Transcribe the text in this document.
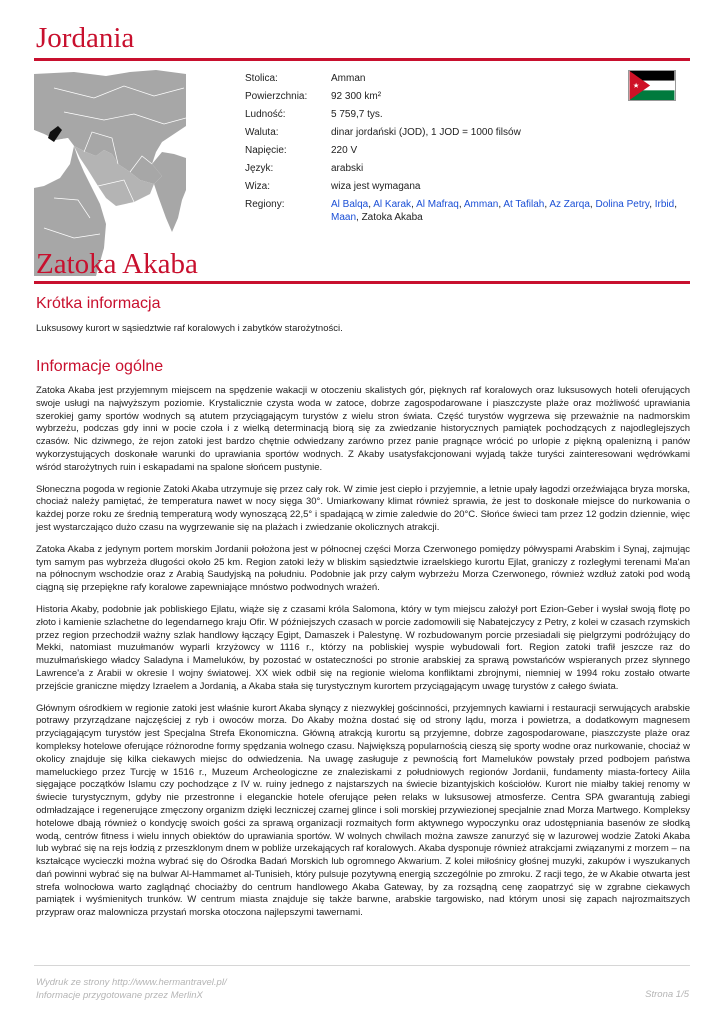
Jordania
Stolica:	Amman
Powierzchnia:	92 300 km²
Ludność:	5 759,7 tys.
Waluta:	dinar jordański (JOD), 1 JOD = 1000 filsów
Napięcie:	220 V
Język:	arabski
Wiza:	wiza jest wymagana
Regiony:	Al Balqa, Al Karak, Al Mafraq, Amman, At Tafilah, Az Zarqa, Dolina Petry, Irbid, Maan, Zatoka Akaba
Zatoka Akaba
Krótka informacja
Luksusowy kurort w sąsiedztwie raf koralowych i zabytków starożytności.
Informacje ogólne

Zatoka Akaba jest przyjemnym miejscem na spędzenie wakacji w otoczeniu skalistych gór, pięknych raf koralowych oraz luksusowych hoteli oferujących swoje usługi na najwyższym poziomie. Krystalicznie czysta woda w zatoce, dobrze zagospodarowane i piaszczyste plaże oraz możliwość uprawiania szerokiej gamy sportów wodnych są atutem przyciągającym turystów z wielu stron świata. Część turystów wygrzewa się przeważnie na nadmorskim wybrzeżu, podczas gdy inni w pocie czoła i z wielką determinacją biorą się za zwiedzanie historycznych pamiątek pochodzących z najodleglejszych czasów. Nic dziwnego, że rejon zatoki jest bardzo chętnie odwiedzany zarówno przez panie pragnące wrócić po urlopie z piękną opalenizną i panów wykorzystujących doskonałe warunki do uprawiania sportów wodnych. Z Akaby usatysfakcjonowani wyjadą także turyści zainteresowani wędrówkami wśród starożytnych ruin i eskapadami na spalone słońcem pustynie.

Słoneczna pogoda w regionie Zatoki Akaba utrzymuje się przez cały rok. W zimie jest ciepło i przyjemnie, a letnie upały łagodzi orzeźwiająca bryza morska, chociaż należy pamiętać, że temperatura nawet w nocy sięga 30°. Umiarkowany klimat również sprawia, że jest to doskonałe miejsce do nurkowania o każdej porze roku ze średnią temperaturą wody wynoszącą 22,5° i spadającą w zimie zaledwie do 20°C. Słońce świeci tam przez 12 godzin dziennie, więc jest wystarczająco dużo czasu na wygrzewanie się na plażach i zwiedzanie okolicznych atrakcji.

Zatoka Akaba z jedynym portem morskim Jordanii położona jest w północnej części Morza Czerwonego pomiędzy półwyspami Arabskim i Synaj, zajmując tym samym pas wybrzeża długości około 25 km. Region zatoki leży w bliskim sąsiedztwie izraelskiego kurortu Ejlat, graniczy z rozległymi terenami Ma'an na północnym wschodzie oraz z Arabią Saudyjską na południu. Podobnie jak przy całym wybrzeżu Morza Czerwonego, również wzdłuż zatoki pod wodą ciągną się przepiękne rafy koralowe zapewniające mnóstwo podwodnych wrażeń.

Historia Akaby, podobnie jak pobliskiego Ejlatu, wiąże się z czasami króla Salomona, który w tym miejscu założył port Ezion-Geber i wysłał swoją flotę po złoto i kamienie szlachetne do legendarnego kraju Ofir. W późniejszych czasach w porcie zadomowili się Nabatejczycy z Petry, z kolei w czasach rzymskich przez region przechodził ważny szlak handlowy łączący Egipt, Damaszek i Palestynę. W rozbudowanym porcie przesiadali się pielgrzymi podróżujący do Mekki, natomiast muzułmanów wyparli krzyżowcy w 1116 r., którzy na pobliskiej wyspie wybudowali fort. Region zatoki trafił jeszcze raz do muzułmańskiego władcy Saladyna i Mameluków, by pozostać w ostateczności po stronie arabskiej za sprawą powstańców wspieranych przez słynnego Lawrence'a z Arabii w okresie I wojny światowej. XX wiek odbił się na regionie wieloma konfliktami zbrojnymi, niemniej w 1994 roku zostało otwarte przejście graniczne między Izraelem a Jordanią, a Akaba stała się turystycznym kurortem przyciągającym uwagę turystów z całego świata.

Głównym ośrodkiem w regionie zatoki jest właśnie kurort Akaba słynący z niezwykłej gościnności, przyjemnych kawiarni i restauracji serwujących arabskie potrawy przyrządzane najczęściej z ryb i owoców morza. Do Akaby można dostać się od strony lądu, morza i powietrza, a dodatkowym magnesem przyciągającym turystów jest Specjalna Strefa Ekonomiczna. Główną atrakcją kurortu są przyjemne, dobrze zagospodarowane, piaszczyste plaże oraz kompleksy hotelowe oferujące różnorodne formy spędzania wolnego czasu. Największą popularnością cieszą się sporty wodne oraz nurkowanie, chociaż w okolicy znajduje się kilka ciekawych miejsc do odwiedzenia. Na uwagę zasługuje z pewnością fort Mameluków powstały przed podbojem państwa mameluckiego przez Turcję w 1516 r., Muzeum Archeologiczne ze znaleziskami z południowych regionów Jordanii, fundamenty miasta-fortecy Aiila sięgające początków Islamu czy pochodzące z IV w. ruiny jednego z najstarszych na świecie bizantyjskich kościołów. Kurort nie miałby takiej renomy w świecie turystycznym, gdyby nie przestronne i eleganckie hotele oferujące pełen relaks w luksusowej atmosferze. Centra SPA gwarantują zabiegi odmładzające i regenerujące zmęczony organizm dzięki leczniczej czarnej glince i soli morskiej przywiezionej specjalnie znad Morza Martwego. Kompleksy hotelowe dbają również o kondycję swoich gości za sprawą organizacji rozmaitych form aktywnego wypoczynku oraz udostępniania basenów ze słodką wodą, centrów fitness i wielu innych obiektów do uprawiania sportów. W wolnych chwilach można zawsze zanurzyć się w lazurowej wodzie Zatoki Akaba lub wybrać się na rejs łodzią z przeszklonym dnem w pobliże urzekających raf koralowych. Akaba dysponuje również atrakcjami związanymi z morzem – na kształcące wycieczki można wybrać się do Ośrodka Badań Morskich lub ogromnego Akwarium. Z kolei miłośnicy głośnej muzyki, zakupów i wyszukanych dań powinni wybrać się na bulwar Al-Hammamet al-Tunisieh, który pulsuje pozytywną energią szczególnie po zmroku. Z racji tego, że w Akabie otwarta jest strefa wolnocłowa warto zaglądnąć chociażby do centrum handlowego Akaba Gateway, by za rozsądną cenę zaopatrzyć się w zgrabne ciekawych pamiątek i wyśmienitych trunków. W centrum miasta znajduje się także barwne, arabskie targowisko, nad którym unosi się zapach najrozmaitszych przypraw oraz malownicza przystań morska otoczona najlepszymi tawernami.

Wydruk ze strony http://www.hermantravel.pl/
Informacje przygotowane przez MerlinX	Strona 1/5
